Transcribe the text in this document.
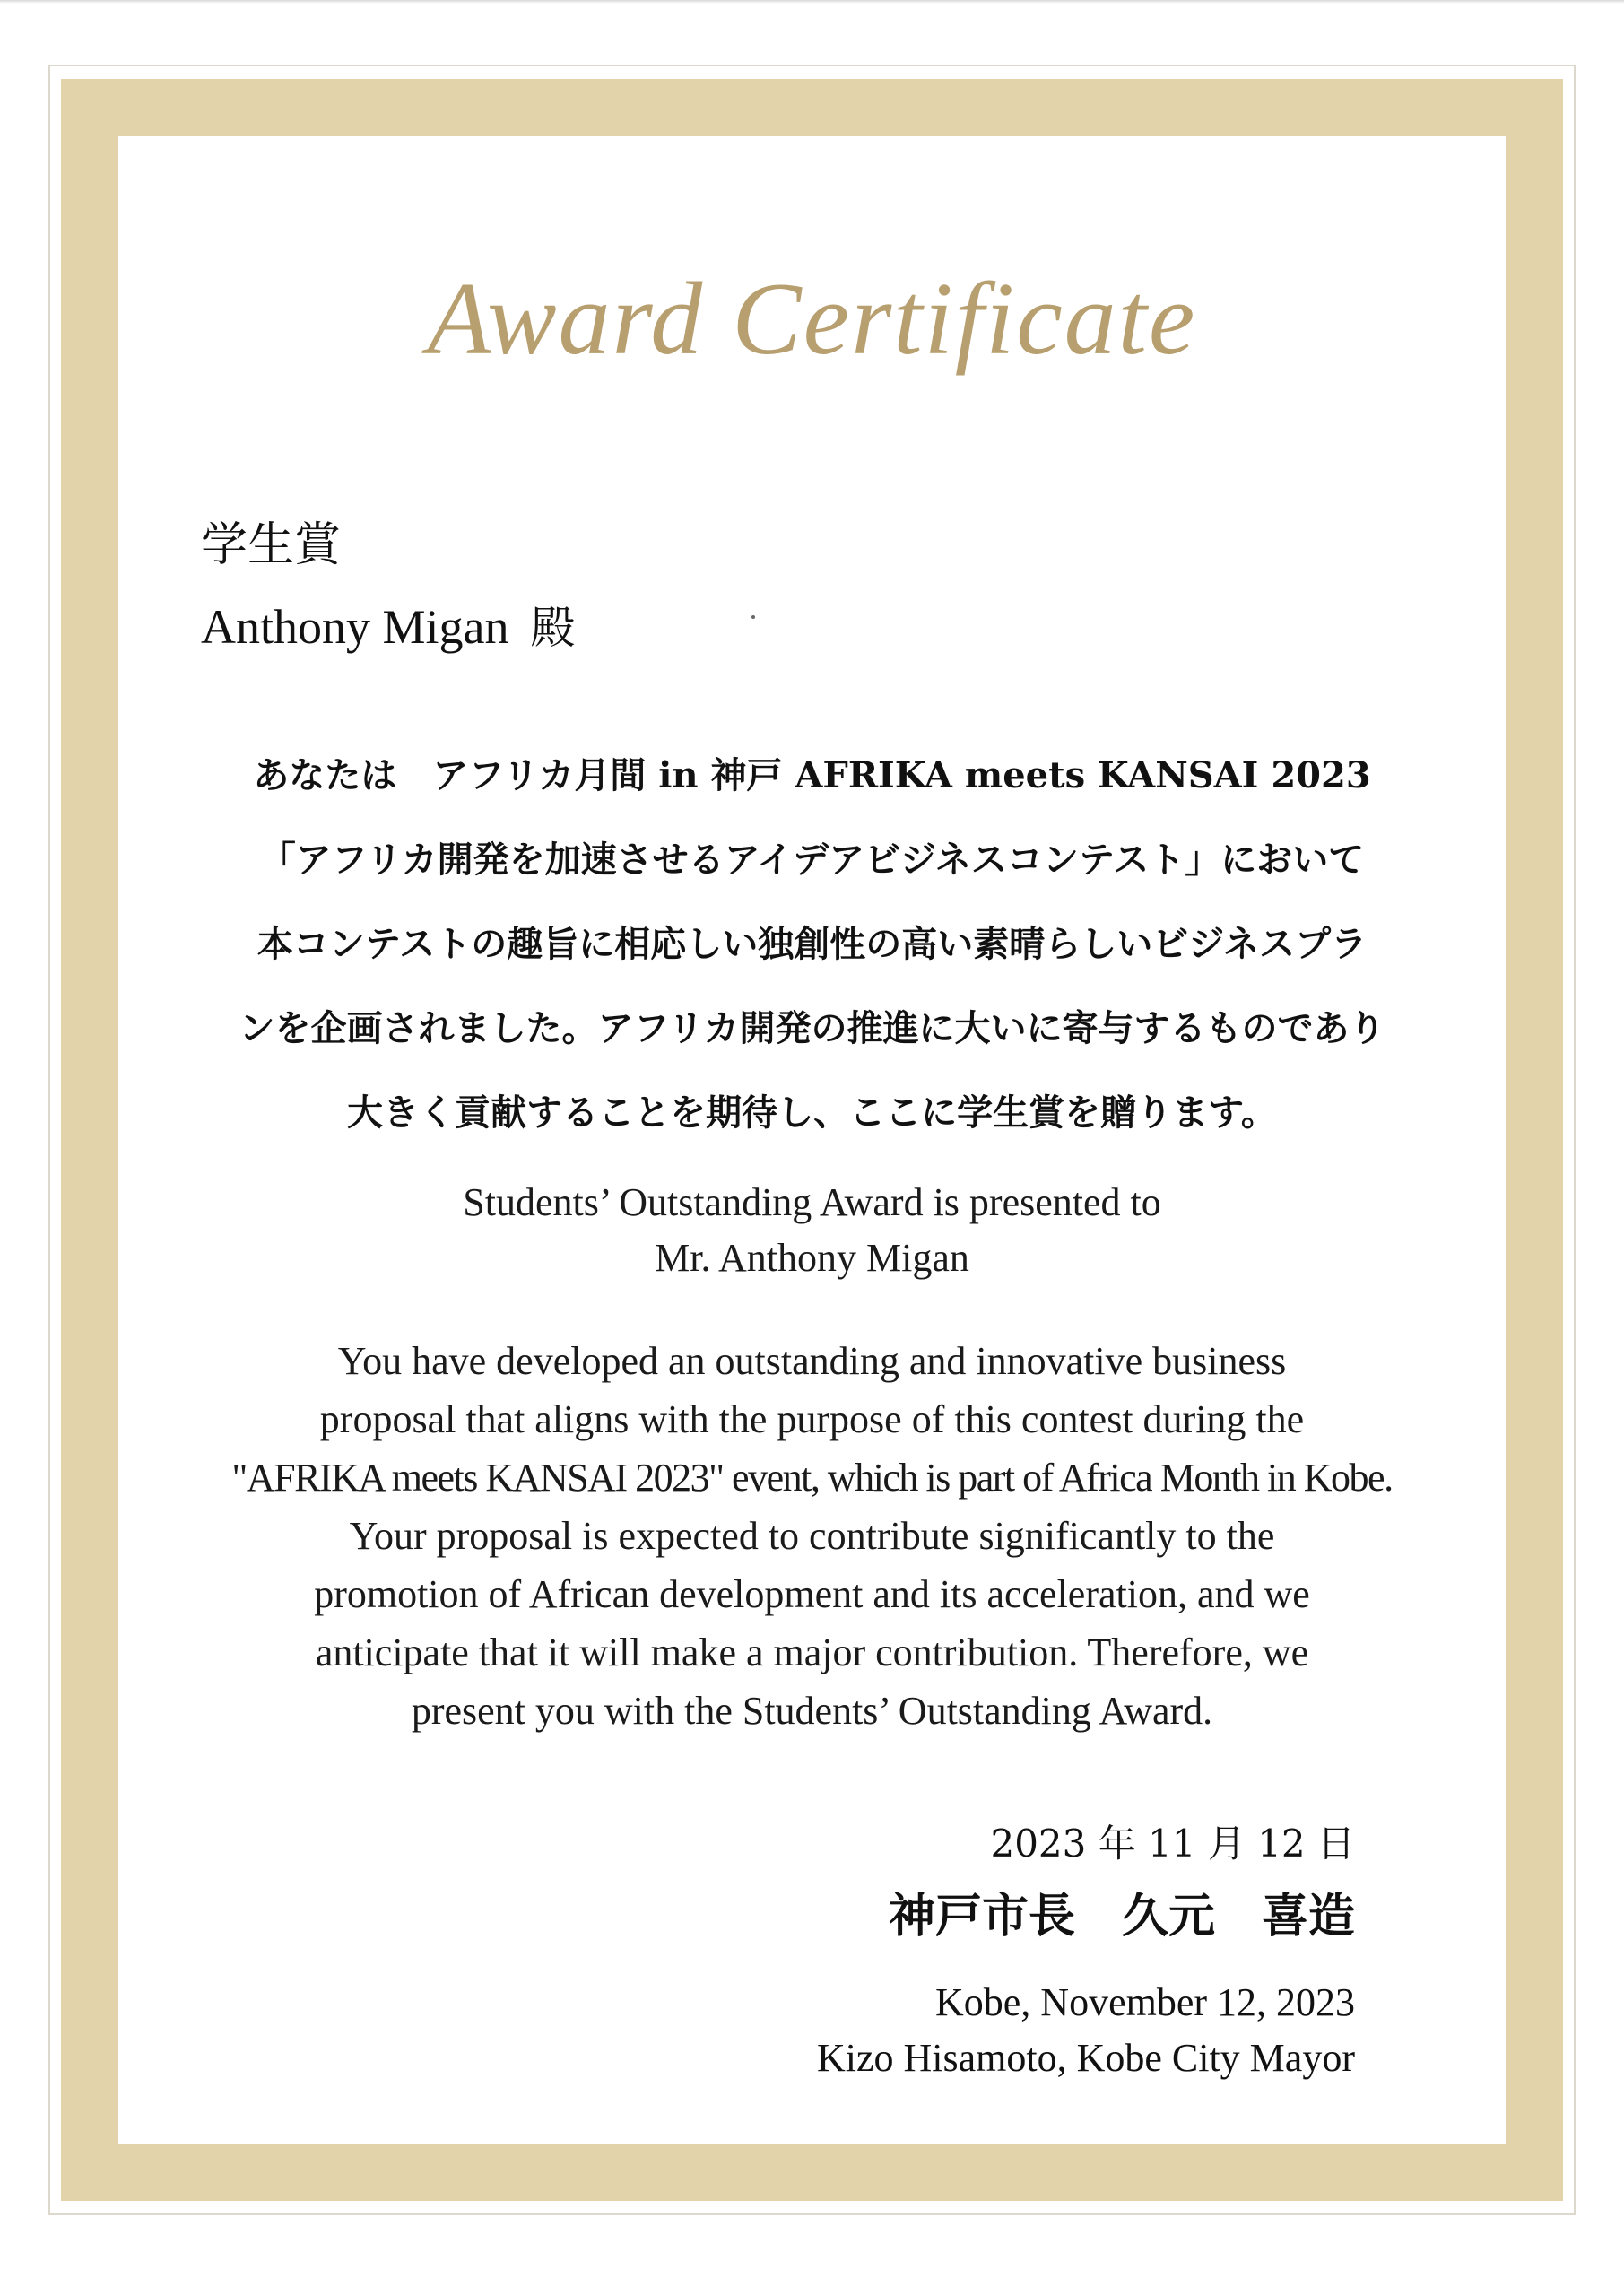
Award Certificate
学生賞
Anthony Migan 殿
あなたは　アフリカ月間 in 神戸 AFRIKA meets KANSAI 2023
「アフリカ開発を加速させるアイデアビジネスコンテスト」において
本コンテストの趣旨に相応しい独創性の高い素晴らしいビジネスプラ
ンを企画されました。アフリカ開発の推進に大いに寄与するものであり
大きく貢献することを期待し、ここに学生賞を贈ります。
Students’ Outstanding Award is presented to
Mr. Anthony Migan
You have developed an outstanding and innovative business
proposal that aligns with the purpose of this contest during the
"AFRIKA meets KANSAI 2023" event, which is part of Africa Month in Kobe.
Your proposal is expected to contribute significantly to the
promotion of African development and its acceleration, and we
anticipate that it will make a major contribution. Therefore, we
present you with the Students’ Outstanding Award.
2023 年 11 月 12 日
神戸市長　久元　喜造
Kobe, November 12, 2023
Kizo Hisamoto, Kobe City Mayor
